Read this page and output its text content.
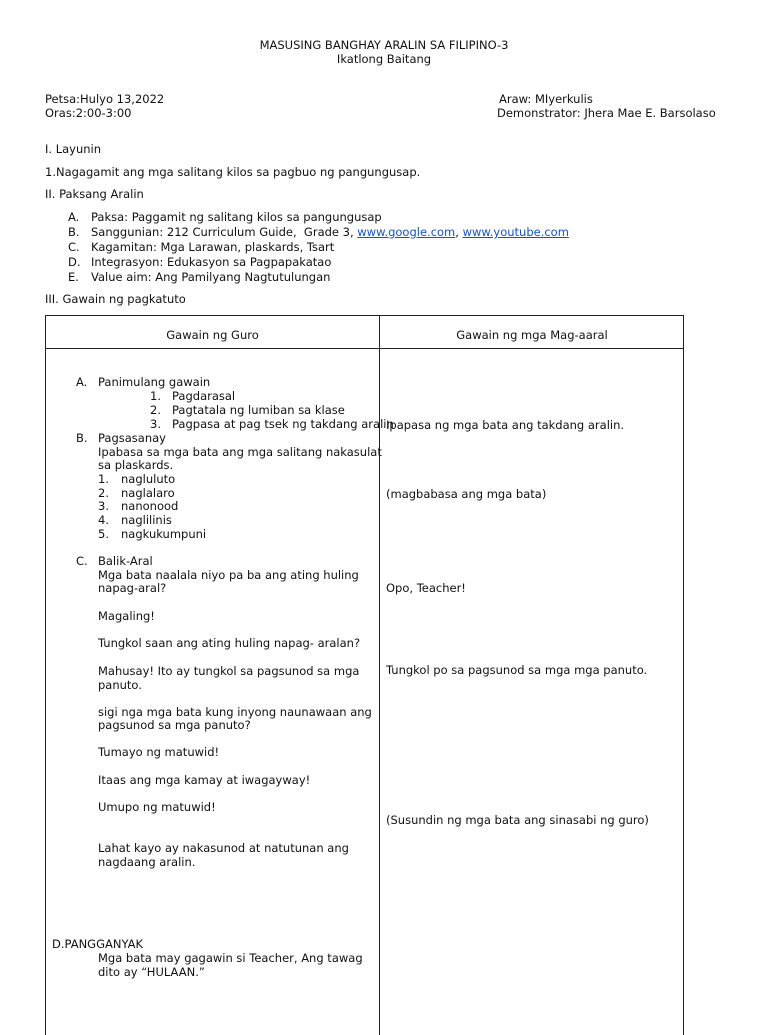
MASUSING BANGHAY ARALIN SA FILIPINO-3
Ikatlong Baitang
Petsa:Hulyo 13,2022
Oras:2:00-3:00
Araw: MIyerkulis
Demonstrator: Jhera Mae E. Barsolaso
I. Layunin
1.Nagagamit ang mga salitang kilos sa pagbuo ng pangungusap.
II. Paksang Aralin
A. Paksa: Paggamit ng salitang kilos sa pangungusap
B. Sanggunian: 212 Curriculum Guide,  Grade 3, www.google.com, www.youtube.com
C. Kagamitan: Mga Larawan, plaskards, Tsart
D. Integrasyon: Edukasyon sa Pagpapakatao
E. Value aim: Ang Pamilyang Nagtutulungan
III. Gawain ng pagkatuto
Gawain ng Guro	Gawain ng mga Mag-aaral
A. Panimulang gawain
1. Pagdarasal
2. Pagtatala ng lumiban sa klase
3. Pagpasa at pag tsek ng takdang aralin
B. Pagsasanay
Ipabasa sa mga bata ang mga salitang nakasulat
sa plaskards.
1. nagluluto
2. naglalaro
3. nanonood
4. naglilinis
5. nagkukumpuni
C. Balik-Aral
Mga bata naalala niyo pa ba ang ating huling
napag-aral?
Magaling!
Tungkol saan ang ating huling napag- aralan?
Mahusay! Ito ay tungkol sa pagsunod sa mga
panuto.
sigi nga mga bata kung inyong naunawaan ang
pagsunod sa mga panuto?
Tumayo ng matuwid!
Itaas ang mga kamay at iwagayway!
Umupo ng matuwid!
Lahat kayo ay nakasunod at natutunan ang
nagdaang aralin.
D.PANGGANYAK
Mga bata may gagawin si Teacher, Ang tawag
dito ay “HULAAN.”
Ipapasa ng mga bata ang takdang aralin.
(magbabasa ang mga bata)
Opo, Teacher!
Tungkol po sa pagsunod sa mga mga panuto.
(Susundin ng mga bata ang sinasabi ng guro)
